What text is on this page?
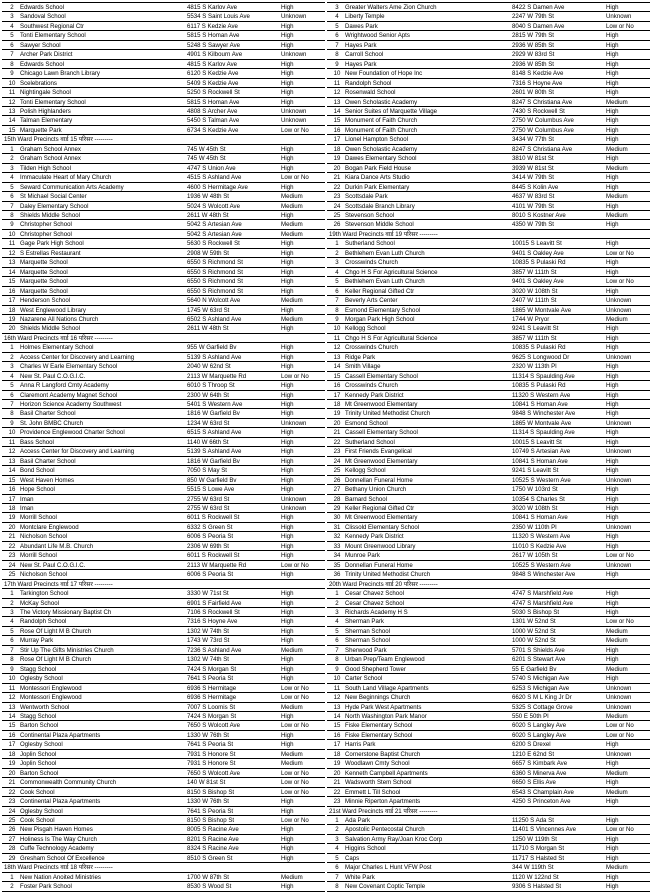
2	Edwards School	4815 S Karlov Ave	High
3	Sandoval School	5534 S Saint Louis Ave	Unknown
4	Southwest Regional Ctr	6117 S Kedzie Ave	High
5	Tonti Elementary School	5815 S Homan Ave	High
6	Sawyer School	5248 S Sawyer Ave	High
7	Archer Park District	4901 S Kilbourn Ave	Unknown
8	Edwards School	4815 S Karlov Ave	High
9	Chicago Lawn Branch Library	6120 S Kedzie Ave	High
10 Scelebrations	5409 S Kedzie Ave	High
11 Nightingale School	5250 S Rockwell St	High
12 Tonti Elementary School	5815 S Homan Ave	High
13 Polish Highlanders	4808 S Archer Ave	Unknown
14 Talman Elementary	5450 S Talman Ave	Unknown
15 Marquette Park	6734 S Kedzie Ave	Low or No
15th Ward Precincts वार्ड 15 परिसर ---------
1	Graham School Annex	745 W 45th St	High
2	Graham School Annex	745 W 45th St	High
3	Tilden High School	4747 S Union Ave	High
4	Immaculate Heart of Mary Church	4515 S Ashland Ave	Low or No
5	Seward Communication Arts Academy	4600 S Hermitage Ave	High
6	St Michael Social Center	1936 W 48th St	Medium
7	Daley Elementary School	5024 S Wolcott Ave	Medium
8	Shields Middle School	2611 W 48th St	High
9	Christopher School	5042 S Artesian Ave	Medium
10 Christopher School	5042 S Artesian Ave	Medium
11 Gage Park High School	5630 S Rockwell St	High
12 S Estrellas Restaurant	2908 W 59th St	High
13 Marquette School	6550 S Richmond St	High
14 Marquette School	6550 S Richmond St	High
15 Marquette School	6550 S Richmond St	High
16 Marquette School	6550 S Richmond St	High
17 Henderson School	5640 N Wolcott Ave	Medium
18 West Englewood Library	1745 W 63rd St	High
19 Nazarene All Nations Church	6502 S Ashland Ave	Medium
20 Shields Middle School	2611 W 48th St	High
16th Ward Precincts वार्ड 16 परिसर ---------
1	Holmes Elementary School	955 W Garfield Bv	High
2	Access Center for Discovery and Learning	5139 S Ashland Ave	High
3	Charles W Earle Elementary School	2040 W 62nd St	High
4	New St. Paul C.O.G.I.C.	2113 W Marquette Rd	Low or No
5	Anna R Langford Cmty Academy	6010 S Throop St	High
6	Claremont Academy Magnet School	2300 W 64th St	High
7	Horizon Science Academy Southwest	5401 S Western Ave	High
8	Basil Charter School	1816 W Garfield Bv	High
9	St. John BMBC Church	1234 W 63rd St	Unknown
10 Providence Englewood Charter School	6515 S Ashland Ave	High
11 Bass School	1140 W 66th St	High
12 Access Center for Discovery and Learning	5139 S Ashland Ave	High
13 Basil Charter School	1816 W Garfield Bv	High
14 Bond School	7050 S May St	High
15 West Haven Homes	850 W Garfield Bv	High
16 Hope School	5515 S Lowe Ave	High
17 Iman	2755 W 63rd St	Unknown
18 Iman	2755 W 63rd St	Unknown
19 Morrill School	6011 S Rockwell St	High
20 Montclare Englewood	6332 S Green St	High
21 Nicholson School	6006 S Peoria St	High
22 Abundant Life M.B. Church	2306 W 69th St	High
23 Morrill School	6011 S Rockwell St	High
24 New St. Paul C.O.G.I.C.	2113 W Marquette Rd	Low or No
25 Nicholson School	6006 S Peoria St	High
17th Ward Precincts वार्ड 17 परिसर ---------
1	Tarkington School	3330 W 71st St	High
2	McKay School	6901 S Fairfield Ave	High
3	The Victory Missionary Baptist Ch	7106 S Rockwell St	High
4	Randolph School	7316 S Hoyne Ave	High
5	Rose Of Light M B Church	1302 W 74th St	High
6	Murray Park	1743 W 73rd St	High
7	Stir Up The Gifts Ministries Church	7236 S Ashland Ave	Medium
8	Rose Of Light M B Church	1302 W 74th St	High
9	Stagg School	7424 S Morgan St	High
10 Oglesby School	7641 S Peoria St	High
11 Montessori Englewood	6936 S Hermitage	Low or No
12 Montessori Englewood	6936 S Hermitage	Low or No
13 Wentworth School	7007 S Loomis St	Medium
14 Stagg School	7424 S Morgan St	High
15 Barton School	7650 S Wolcott Ave	Low or No
16 Continental Plaza Apartments	1330 W 76th St	High
17 Oglesby School	7641 S Peoria St	High
18 Joplin School	7931 S Honore St	Medium
19 Joplin School	7931 S Honore St	Medium
20 Barton School	7650 S Wolcott Ave	Low or No
21 Commonwealth Community Church	140 W 81st St	Low or No
22 Cook School	8150 S Bishop St	Low or No
23 Continental Plaza Apartments	1330 W 76th St	High
24 Oglesby School	7641 S Peoria St	High
25 Cook School	8150 S Bishop St	Low or No
26 New Pisgah Haven Homes	8005 S Racine Ave	High
27 Holiness Is The Way Church	8201 S Racine Ave	High
28 Cuffe Technology Academy	8324 S Racine Ave	High
29 Gresham School Of Excellence	8510 S Green St	High
18th Ward Precincts वार्ड 18 परिसर ---------
1	New Nation Anoited Ministries	1700 W 87th St	Medium
2	Foster Park School	8530 S Wood St	High
3	Greater Walters Ame Zion Church	8422 S Damen Ave	High
4	Liberty Temple	2247 W 79th St	Unknown
5	Dawes Park	8040 S Damen Ave	Low or No
6	Wrightwood Senior Apts	2815 W 79th St	High
7	Hayes Park	2936 W 85th St	High
8	Carroll School	2929 W 83rd St	High
9	Hayes Park	2936 W 85th St	High
10 New Foundation of Hope Inc	8148 S Kedzie Ave	High
11 Randolph School	7316 S Hoyne Ave	High
12 Rosenwald School	2601 W 80th St	High
13 Owen Scholastic Academy	8247 S Christiana Ave	Medium
14 Senior Suites of Marquette Village	7430 S Rockwell St	High
15 Monument of Faith Church	2750 W Columbus Ave	High
16 Monument of Faith Church	2750 W Columbus Ave	High
17 Lionel Hampton School	3434 W 77th St	High
18 Owen Scholastic Academy	8247 S Christiana Ave	Medium
19 Dawes Elementary School	3810 W 81st St	High
20 Bogan Park Field House	3939 W 81st St	Medium
21 Kiara Dance Arts Studio	3414 W 79th St	High
22 Durkin Park Elementary	8445 S Kolin Ave	High
23 Scottsdale Park	4637 W 83rd St	Medium
24 Scottsdale Branch Library	4101 W 79th St	High
25 Stevenson School	8010 S Kostner Ave	Medium
26 Stevenson Middle School	4350 W 79th St	High
19th Ward Precincts वार्ड 19 परिसर ---------
1	Sutherland School	10015 S Leavitt St	High
2	Bethlehem Evan Luth Church	9401 S Oakley Ave	Low or No
3	Crosswinds Church	10835 S Pulaski Rd	High
4	Chgo H S For Agricultural Science	3857 W 111th St	High
5	Bethlehem Evan Luth Church	9401 S Oakley Ave	Low or No
6	Keller Regional Gifted Ctr	3020 W 108th St	High
7	Beverly Arts Center	2407 W 111th St	Unknown
8	Esmond Elementary School	1865 W Montvale Ave	Unknown
9	Morgan Park High School	1744 W Pryor	Medium
10 Kellogg School	9241 S Leavitt St	High
11 Chgo H S For Agricultural Science	3857 W 111th St	High
12 Crosswinds Church	10835 S Pulaski Rd	High
13 Ridge Park	9625 S Longwood Dr	Unknown
14 Smith Village	2320 W 113th Pl	High
15 Cassell Elementary School	11314 S Spaulding Ave	High
16 Crosswinds Church	10835 S Pulaski Rd	High
17 Kennedy Park District	11320 S Western Ave	High
18 Mt Greenwood Elementary	10841 S Homan Ave	High
19 Trinity United Methodist Church	9848 S Winchester Ave	High
20 Esmond School	1865 W Montvale Ave	Unknown
21 Cassell Elementary School	11314 S Spaulding Ave	High
22 Sutherland School	10015 S Leavitt St	High
23 First Friends Evangelical	10749 S Artesian Ave	Unknown
24 Mt Greenwood Elementary	10841 S Homan Ave	High
25 Kellogg School	9241 S Leavitt St	High
26 Donnellan Funeral Home	10525 S Western Ave	Unknown
27 Bethany Union Church	1750 W 103rd St	High
28 Barnard School	10354 S Charles St	High
29 Keller Regional Gifted Ctr	3020 W 108th St	High
30 Mt Greenwood Elementary	10841 S Homan Ave	High
31 Clissold Elementary School	2350 W 110th Pl	Unknown
32 Kennedy Park District	11320 S Western Ave	High
33 Mount Greenwood Library	11010 S Kedzie Ave	High
34 Munroe Park	2617 W 105th St	Low or No
35 Donnellan Funeral Home	10525 S Western Ave	Unknown
36 Trinity United Methodist Church	9848 S Winchester Ave	High
20th Ward Precincts वार्ड 20 परिसर ---------
1	Cesar Chavez School	4747 S Marshfield Ave	High
2	Cesar Chavez School	4747 S Marshfield Ave	High
3	Richards Academy H S	5030 S Bishop St	High
4	Sherman Park	1301 W 52nd St	Low or No
5	Sherman School	1000 W 52nd St	Medium
6	Sherman School	1000 W 52nd St	Medium
7	Sherwood Park	5701 S Shields Ave	High
8	Urban Prep/Team Englewood	6201 S Stewart Ave	High
9	Good Shepherd Tower	55 E Garfield Bv	Medium
10 Carter School	5740 S Michigan Ave	High
11 South Land Village Apartments	6253 S Michigan Ave	Unknown
12 New Beginnings Church	6620 S M L King Jr Dr	Unknown
13 Hyde Park West Apartments	5325 S Cottage Grove	Unknown
14 North Washington Park Manor	550 E 50th Pl	Medium
15 Fiske Elementary School	6020 S Langley Ave	Low or No
16 Fiske Elementary School	6020 S Langley Ave	Low or No
17 Harris Park	6200 S Drexel	High
18 Cornerstone Baptist Church	1210 E 62nd St	Unknown
19 Woodlawn Cmty School	6657 S Kimbark Ave	High
20 Kenneth Campbell Apartments	6360 S Minerva Ave	Medium
21 Wadsworth Stem School	6650 S Ellis Ave	High
22 Emmett L Till School	6543 S Champlain Ave	Medium
23 Minnie Riperton Apartments	4250 S Princeton Ave	High
21st Ward Precincts वार्ड 21 परिसर ---------
1	Ada Park	11250 S Ada St	High
2	Apostolic Pentecostal Church	11401 S Vincennes Ave	Low or No
3	Salvation Army Ray/Joan Kroc Corp	1250 W 119th St	High
4	Higgins School	11710 S Morgan St	High
5	Caps	11717 S Halsted St	High
6	Major Charles L Hunt VFW Post	344 W 119th St	Medium
7	White Park	1120 W 122nd St	High
8	New Covenant Coptic Temple	9306 S Halsted St	High
